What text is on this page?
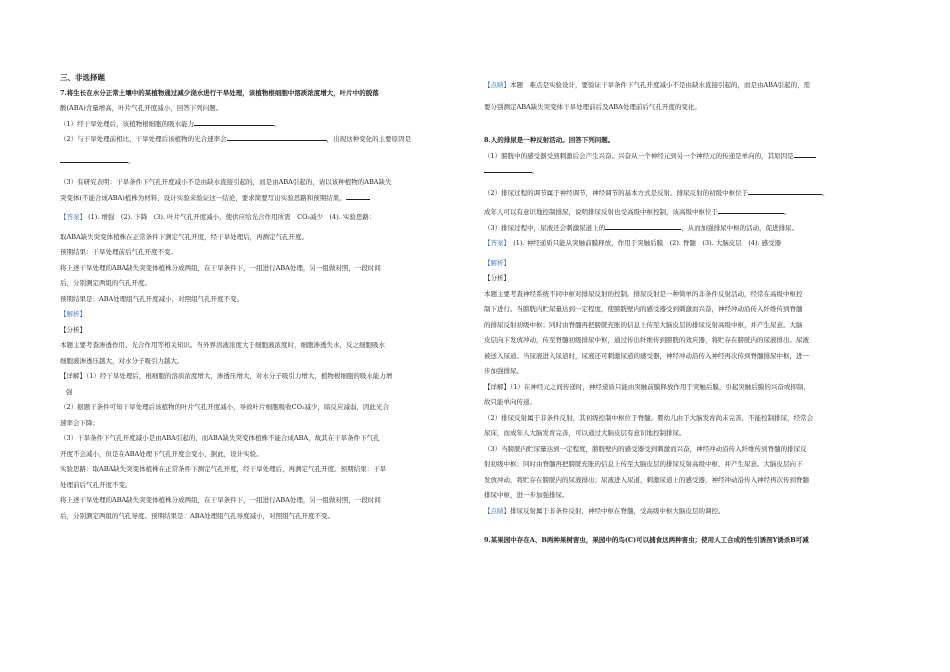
三、非选择题

7.将生长在水分正常土壤中的某植物通过减少浇水进行干旱处理，该植物根细胞中溶质浓度增大，叶片中的脱落

酸(ABA)含量增高，叶片气孔开度减小，回答下列问题。

（1）经干旱处理后，该植物根细胞的吸水能力	。

（2）与干旱处理前相比，干旱处理后该植物的光合速率会	，出现这种变化的主要原因是

。

（3）有研究表明：干旱条件下气孔开度减小不是由缺水直接引起的，而是由ABA引起的，请以该种植物的ABA缺失

突变体(不能合成ABA)植株为材料，设计实验来验证这一结论，要求简要写出实验思路和预期结果。

【答案】 (1). 增强　(2). 下降　(3). 叶片气孔开度减小，使供应给光合作用所需　CO₂减少　(4). 实验思路：

取ABA缺失突变体植株在正常条件下测定气孔开度，经干旱处理后，再测定气孔开度。

预期结果：干旱处理前后气孔开度不变。

将上述干旱处理的ABA缺失突变体植株分成两组，在干旱条件下，一组进行ABA处理，另一组做对照，一段时间

后，分别测定两组的气孔开度。

预期结果是：ABA处理组气孔开度减小，对照组气孔开度不变。

【解析】

【分析】

本题主要考查渗透作用、光合作用等相关知识。当外界溶液浓度大于细胞液浓度时，细胞渗透失水，反之细胞吸水

细胞液渗透压越大，对水分子吸引力越大。

【详解】（1）经干旱处理后，根细胞的溶质浓度增大，渗透压增大，对水分子吸引力增大，植物根细胞的吸水能力增

强

（2）据题干条件可知干旱处理后该植物的叶片气孔开度减小，导致叶片细胞吸收CO₂减少，暗反应减弱，因此光合

速率会下降；

（3）干旱条件下气孔开度减小是由ABA引起的，而ABA缺失突变体植株不能合成ABA，故其在干旱条件下气孔

开度不会减小，但是在ABA处理下气孔开度会变小，据此，设计实验。

实验思路：取ABA缺失突变体植株在正常条件下测定气孔开度，经干旱处理后，再测定气孔开度。预期结果：干旱

处理前后气孔开度不变。

将上述干旱处理的ABA缺失突变体植株分成两组，在干旱条件下，一组进行ABA处理，另一组做对照，一段时间

后，分别测定两组的气孔导度。预期结果是：ABA处理组气孔导度减小，对照组气孔开度不变。

【点睛】本题　难点是实验设计，要验证干旱条件下气孔开度减小不是由缺水直接引起的，而是由ABA引起的，需

要分别测定ABA缺失突变体干旱处理前后及ABA处理前后气孔开度的变化。

8.人的排尿是一种反射活动。回答下列问题。

（1）膀胱中的感受器受到刺激后会产生兴奋。兴奋从一个神经元到另一个神经元的传递是单向的，其原因是

。

（2）排尿过程的调节属于神经调节，神经调节的基本方式是反射。排尿反射的初级中枢位于	。

成年人可以有意识地控制排尿，说明排尿反射也受高级中枢控制，该高级中枢位于	。

（3）排尿过程中，尿液还会刺激尿道上的	，从而加强排尿中枢的活动，促进排尿。

【答案】　 (1). 神经递质只能从突触前膜释放，作用于突触后膜　(2). 脊髓　(3). 大脑皮层　(4). 感受器

【解析】

【分析】

本题主要考查神经系统不同中枢对排尿反射的控制。排尿反射是一种简单的非条件反射活动，经常在高级中枢控

制下进行。当膀胱内贮尿量达到一定程度，使膀胱壁内的感受器受到刺激而兴奋，神经冲动沿传入纤维传到脊髓

的排尿反射初级中枢；同时由脊髓再把膀胱充胀的信息上传至大脑皮层的排尿反射高级中枢，并产生尿意。大脑

皮层向下发放冲动，传至脊髓初级排尿中枢，通过传出纤维传到膀胱的效应器，将贮存在膀胱内的尿液排出。尿液

被送入尿道。当尿液进入尿道时，尿液还可刺激尿道的感受器，神经冲动沿传入神经再次传到脊髓排尿中枢，进一

步加强排尿。

【详解】（1）在神经元之间传递时，神经递质只能由突触前膜释放作用于突触后膜，引起突触后膜的兴奋或抑制，

故只能单向传递。

（2）排尿反射属于非条件反射，其初级控制中枢位于脊髓。婴幼儿由于大脑发育尚未完善，不能控制排尿，经常会

尿床，而成年人大脑发育完善，可以通过大脑皮层有意识地控制排尿。

（3）当膀胱内贮尿量达到一定程度，膀胱壁内的感受器受到刺激而兴奋，神经冲动沿传入纤维传到脊髓的排尿反

射初级中枢；同时由脊髓再把膀胱充胀的信息上传至大脑皮层的排尿反射高级中枢，并产生尿意。大脑皮层向下

发放冲动，将贮存在膀胱内的尿液排出；尿液进入尿道，刺激尿道上的感受器，神经冲动沿传入神经再次传到脊髓

排尿中枢，进一步加强排尿。

【点睛】排尿反射属于非条件反射，神经中枢在脊髓，受高级中枢大脑皮层的调控。

9.某果园中存在A、B两种果树害虫，果园中的鸟(C)可以捕食这两种害虫；使用人工合成的性引诱剂Y诱杀B可减
